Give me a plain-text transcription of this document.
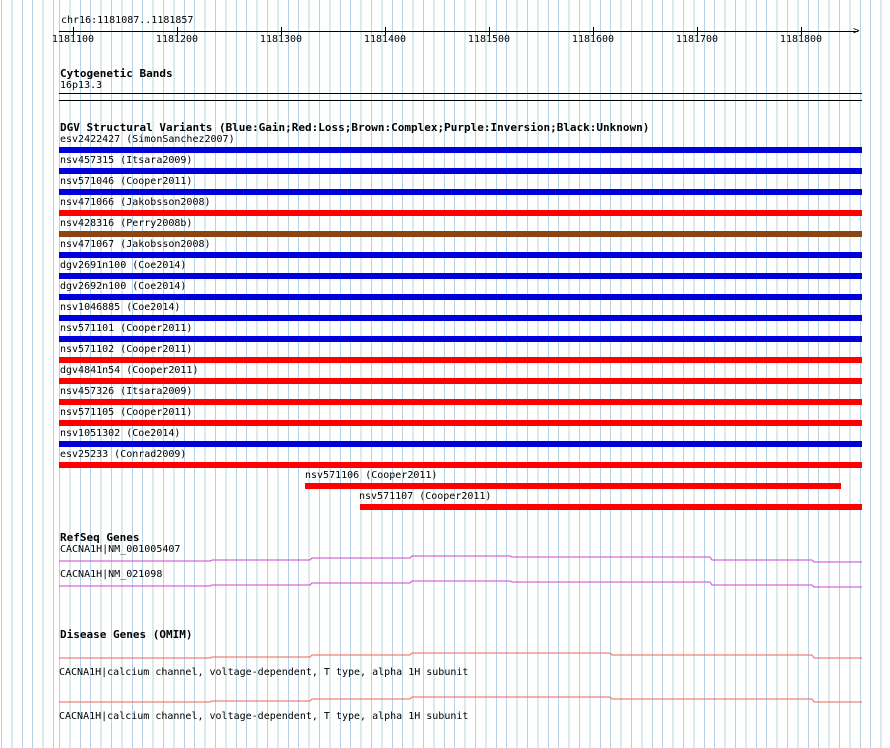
chr16:1181087..1181857
>
1181100	1181200	1181300	1181400	1181500	1181600	1181700	1181800
Cytogenetic Bands
16p13.3
DGV Structural Variants (Blue:Gain;Red:Loss;Brown:Complex;Purple:Inversion;Black:Unknown)
esv2422427 (SimonSanchez2007)
nsv457315 (Itsara2009)
nsv571046 (Cooper2011)
nsv471066 (Jakobsson2008)
nsv428316 (Perry2008b)
nsv471067 (Jakobsson2008)
dgv2691n100 (Coe2014)
dgv2692n100 (Coe2014)
nsv1046885 (Coe2014)
nsv571101 (Cooper2011)
nsv571102 (Cooper2011)
dgv4841n54 (Cooper2011)
nsv457326 (Itsara2009)
nsv571105 (Cooper2011)
nsv1051302 (Coe2014)
esv25233 (Conrad2009)
nsv571106 (Cooper2011)
nsv571107 (Cooper2011)
RefSeq Genes
CACNA1H|NM_001005407
CACNA1H|NM_021098
Disease Genes (OMIM)
CACNA1H|calcium channel, voltage-dependent, T type, alpha 1H subunit
CACNA1H|calcium channel, voltage-dependent, T type, alpha 1H subunit
